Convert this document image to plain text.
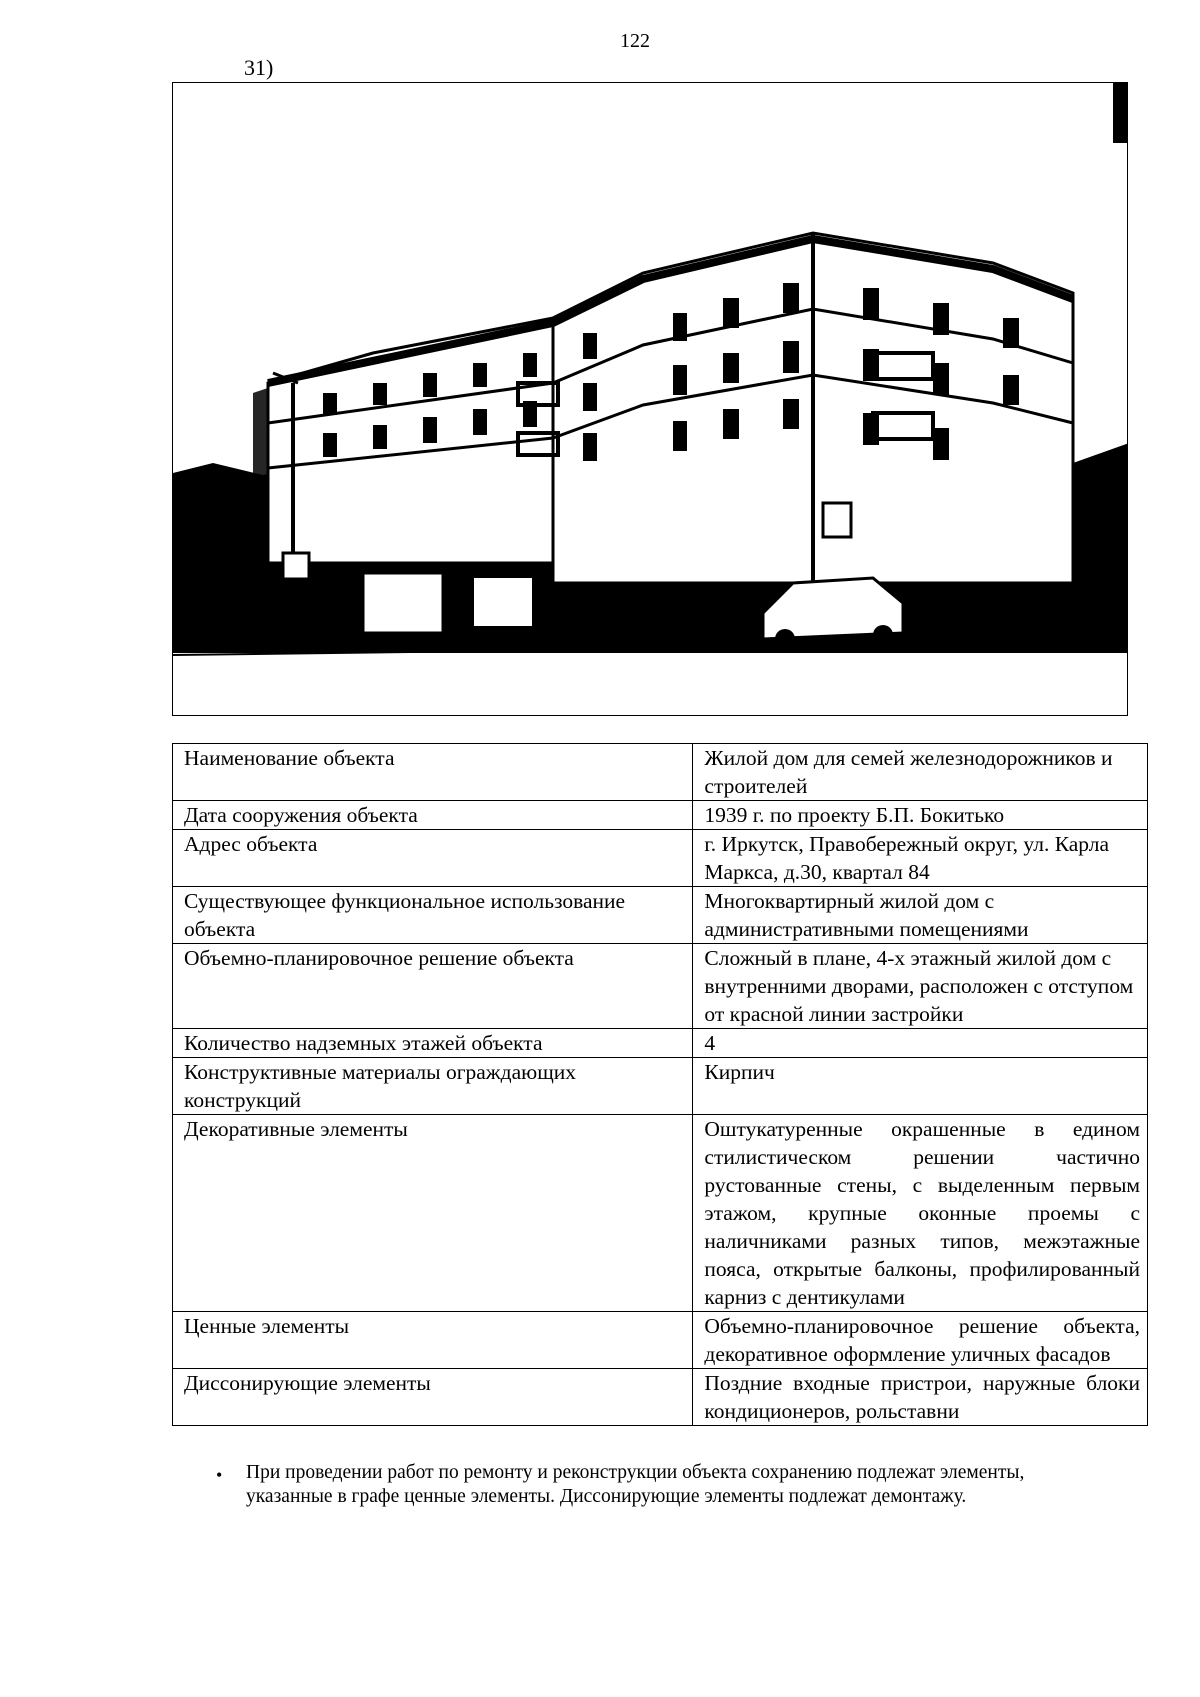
122
31)
Наименование объекта	Жилой дом для семей железнодорожников и строителей
Дата сооружения объекта	1939 г. по проекту Б.П. Бокитько
Адрес объекта	г. Иркутск, Правобережный округ, ул. Карла Маркса, д.30, квартал 84
Существующее функциональное использование объекта	Многоквартирный жилой дом с административными помещениями
Объемно-планировочное решение объекта	Сложный в плане, 4-х этажный жилой дом с внутренними дворами, расположен с отступом от красной линии застройки
Количество надземных этажей объекта	4
Конструктивные материалы ограждающих конструкций	Кирпич
Декоративные элементы	Оштукатуренные окрашенные в едином стилистическом решении частично рустованные стены, с выделенным первым этажом, крупные оконные проемы с наличниками разных типов, межэтажные пояса, открытые балконы, профилированный карниз с дентикулами
Ценные элементы	Объемно-планировочное решение объекта, декоративное оформление уличных фасадов
Диссонирующие элементы	Поздние входные пристрои, наружные блоки кондиционеров, рольставни
• При проведении работ по ремонту и реконструкции объекта сохранению подлежат элементы, указанные в графе ценные элементы. Диссонирующие элементы подлежат демонтажу.
